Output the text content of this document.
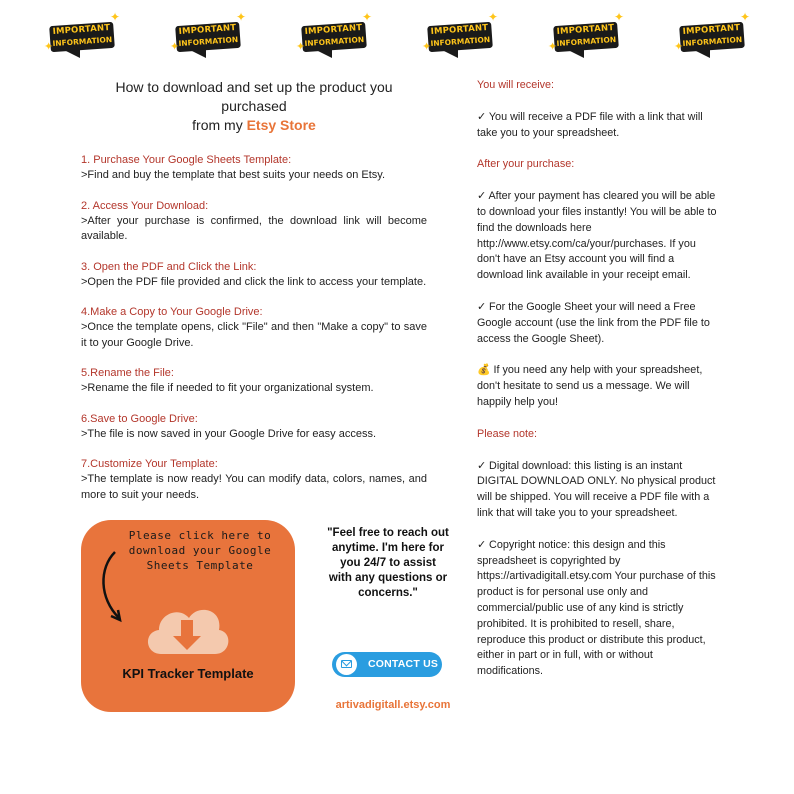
IMPORTANT
INFORMATION
✦
✦
IMPORTANT
INFORMATION
✦
✦
IMPORTANT
INFORMATION
✦
✦
IMPORTANT
INFORMATION
✦
✦
IMPORTANT
INFORMATION
✦
✦
IMPORTANT
INFORMATION
✦
✦
How to download and set up the product you purchased
from my Etsy Store
1. Purchase Your Google Sheets Template:
>Find and buy the template that best suits your needs on Etsy.
2. Access Your Download:
>After your purchase is confirmed, the download link will become available.
3. Open the PDF and Click the Link:
>Open the PDF file provided and click the link to access your template.
4.Make a Copy to Your Google Drive:
>Once the template opens, click "File" and then "Make a copy" to save it to your Google Drive.
5.Rename the File:
>Rename the file if needed to fit your organizational system.
6.Save to Google Drive:
>The file is now saved in your Google Drive for easy access.
7.Customize Your Template:
>The template is now ready! You can modify data, colors, names, and more to suit your needs.
Please click here to download your Google Sheets Template
KPI Tracker Template
"Feel free to reach out anytime. I'm here for you 24/7 to assist with any questions or concerns."
CONTACT US
artivadigitall.etsy.com
You will receive:
✓ You will receive a PDF file with a link that will take you to your spreadsheet.
After your purchase:
✓ After your payment has cleared you will be able to download your files instantly! You will be able to find the downloads here http://www.etsy.com/ca/your/purchases. If you don't have an Etsy account you will find a download link available in your receipt email.
✓ For the Google Sheet your will need a Free Google account (use the link from the PDF file to access the Google Sheet).
💰 If you need any help with your spreadsheet, don't hesitate to send us a message. We will happily help you!
Please note:
✓ Digital download: this listing is an instant DIGITAL DOWNLOAD ONLY. No physical product will be shipped. You will receive a PDF file with a link that will take you to your spreadsheet.
✓ Copyright notice: this design and this spreadsheet is copyrighted by https://artivadigitall.etsy.com Your purchase of this product is for personal use only and commercial/public use of any kind is strictly prohibited. It is prohibited to resell, share, reproduce this product or distribute this product, either in part or in full, with or without modifications.
